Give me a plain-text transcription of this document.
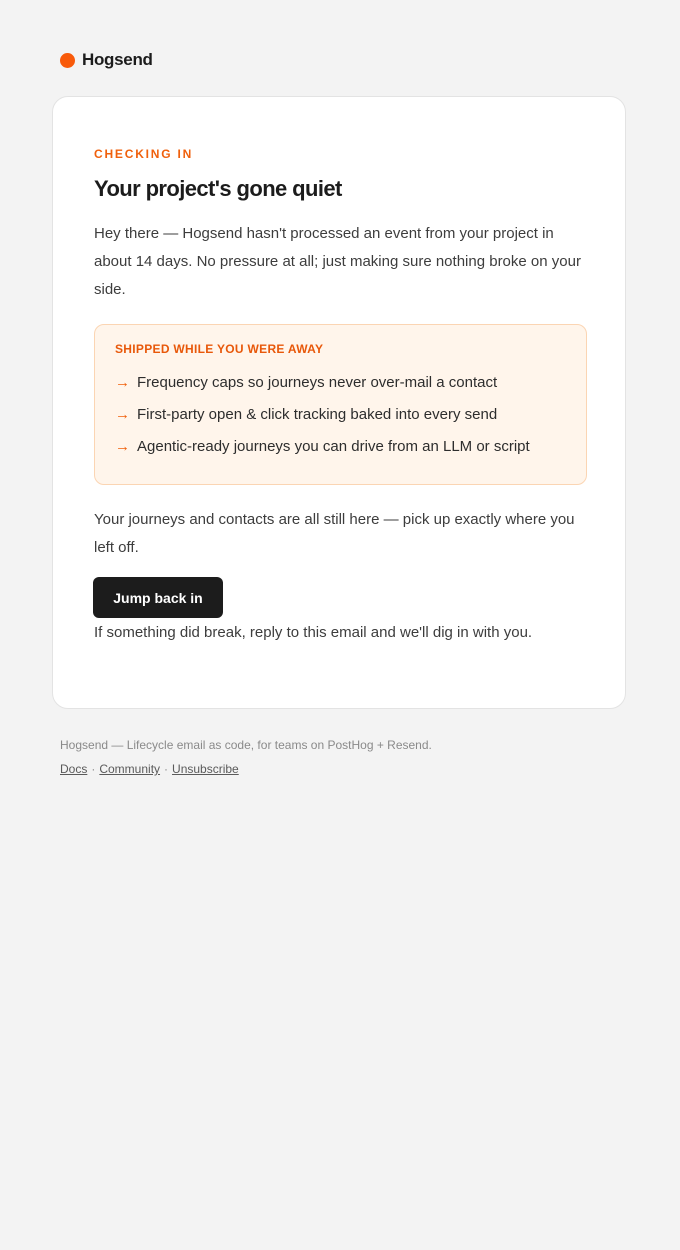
Hogsend
CHECKING IN
Your project's gone quiet

Hey there — Hogsend hasn't processed an event from your project in about 14 days. No pressure at all; just making sure nothing broke on your side.

SHIPPED WHILE YOU WERE AWAY
→ Frequency caps so journeys never over-mail a contact
→ First-party open & click tracking baked into every send
→ Agentic-ready journeys you can drive from an LLM or script

Your journeys and contacts are all still here — pick up exactly where you left off.

Jump back in

If something did break, reply to this email and we'll dig in with you.

Hogsend — Lifecycle email as code, for teams on PostHog + Resend.
Docs · Community · Unsubscribe
